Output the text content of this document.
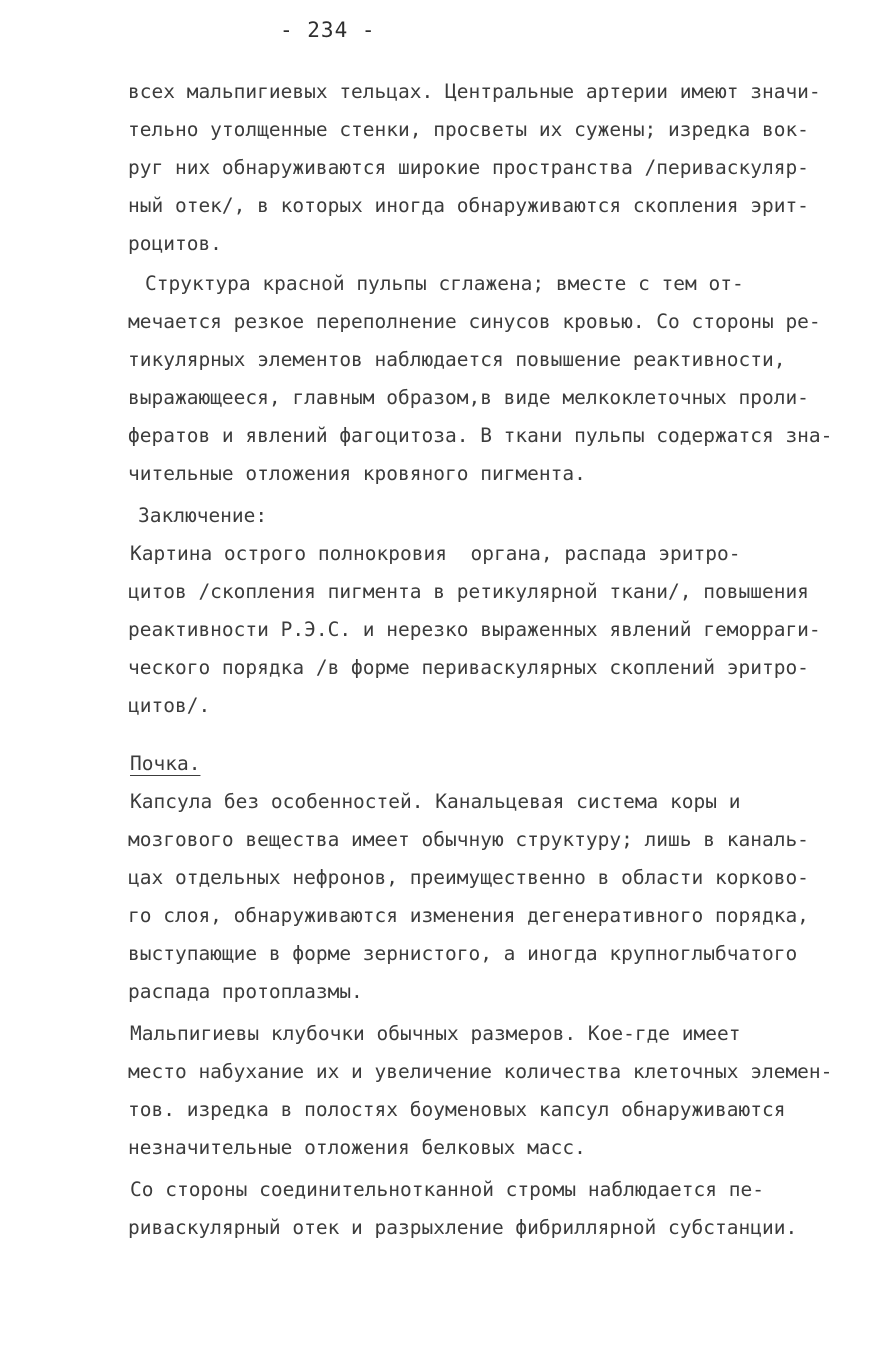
- 234 -
всех мальпигиевых тельцах. Центральные артерии имеют значи-
тельно утолщенные стенки, просветы их сужены; изредка вок-
руг них обнаруживаются широкие пространства /периваскуляр-
ный отек/, в которых иногда обнаруживаются скопления эрит-
роцитов.
Структура красной пульпы сглажена; вместе с тем от-
мечается резкое переполнение синусов кровью. Со стороны ре-
тикулярных элементов наблюдается повышение реактивности,
выражающееся, главным образом,в виде мелкоклеточных проли-
фератов и явлений фагоцитоза. В ткани пульпы содержатся зна-
чительные отложения кровяного пигмента.
Заключение:
Картина острого полнокровия  органа, распада эритро-
цитов /скопления пигмента в ретикулярной ткани/, повышения
реактивности Р.Э.С. и нерезко выраженных явлений геморраги-
ческого порядка /в форме периваскулярных скоплений эритро-
цитов/.
Почка.
Капсула без особенностей. Канальцевая система коры и
мозгового вещества имеет обычную структуру; лишь в каналь-
цах отдельных нефронов, преимущественно в области корково-
го слоя, обнаруживаются изменения дегенеративного порядка,
выступающие в форме зернистого, а иногда крупноглыбчатого
распада протоплазмы.
Мальпигиевы клубочки обычных размеров. Кое-где имеет
место набухание их и увеличение количества клеточных элемен-
тов. изредка в полостях боуменовых капсул обнаруживаются
незначительные отложения белковых масс.
Со стороны соединительнотканной стромы наблюдается пе-
риваскулярный отек и разрыхление фибриллярной субстанции.
